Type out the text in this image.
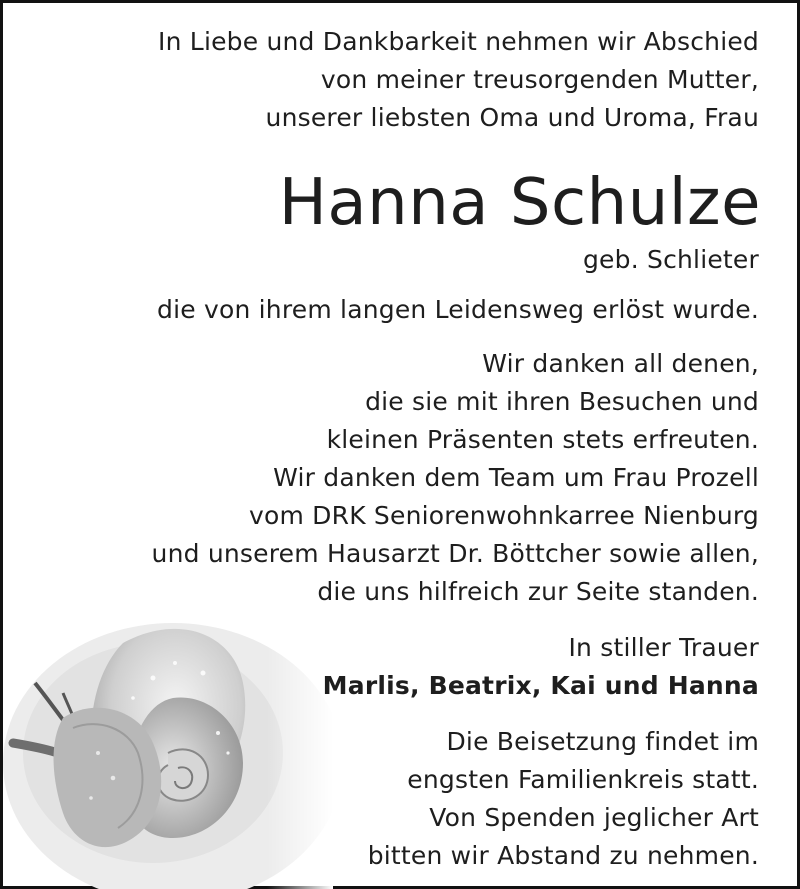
In Liebe und Dankbarkeit nehmen wir Abschied
von meiner treusorgenden Mutter,
unserer liebsten Oma und Uroma, Frau
Hanna Schulze
geb. Schlieter
die von ihrem langen Leidensweg erlöst wurde.
Wir danken all denen,
die sie mit ihren Besuchen und
kleinen Präsenten stets erfreuten.
Wir danken dem Team um Frau Prozell
vom DRK Seniorenwohnkarree Nienburg
und unserem Hausarzt Dr. Böttcher sowie allen,
die uns hilfreich zur Seite standen.
In stiller Trauer
Marlis, Beatrix, Kai und Hanna
Die Beisetzung findet im
engsten Familienkreis statt.
Von Spenden jeglicher Art
bitten wir Abstand zu nehmen.
